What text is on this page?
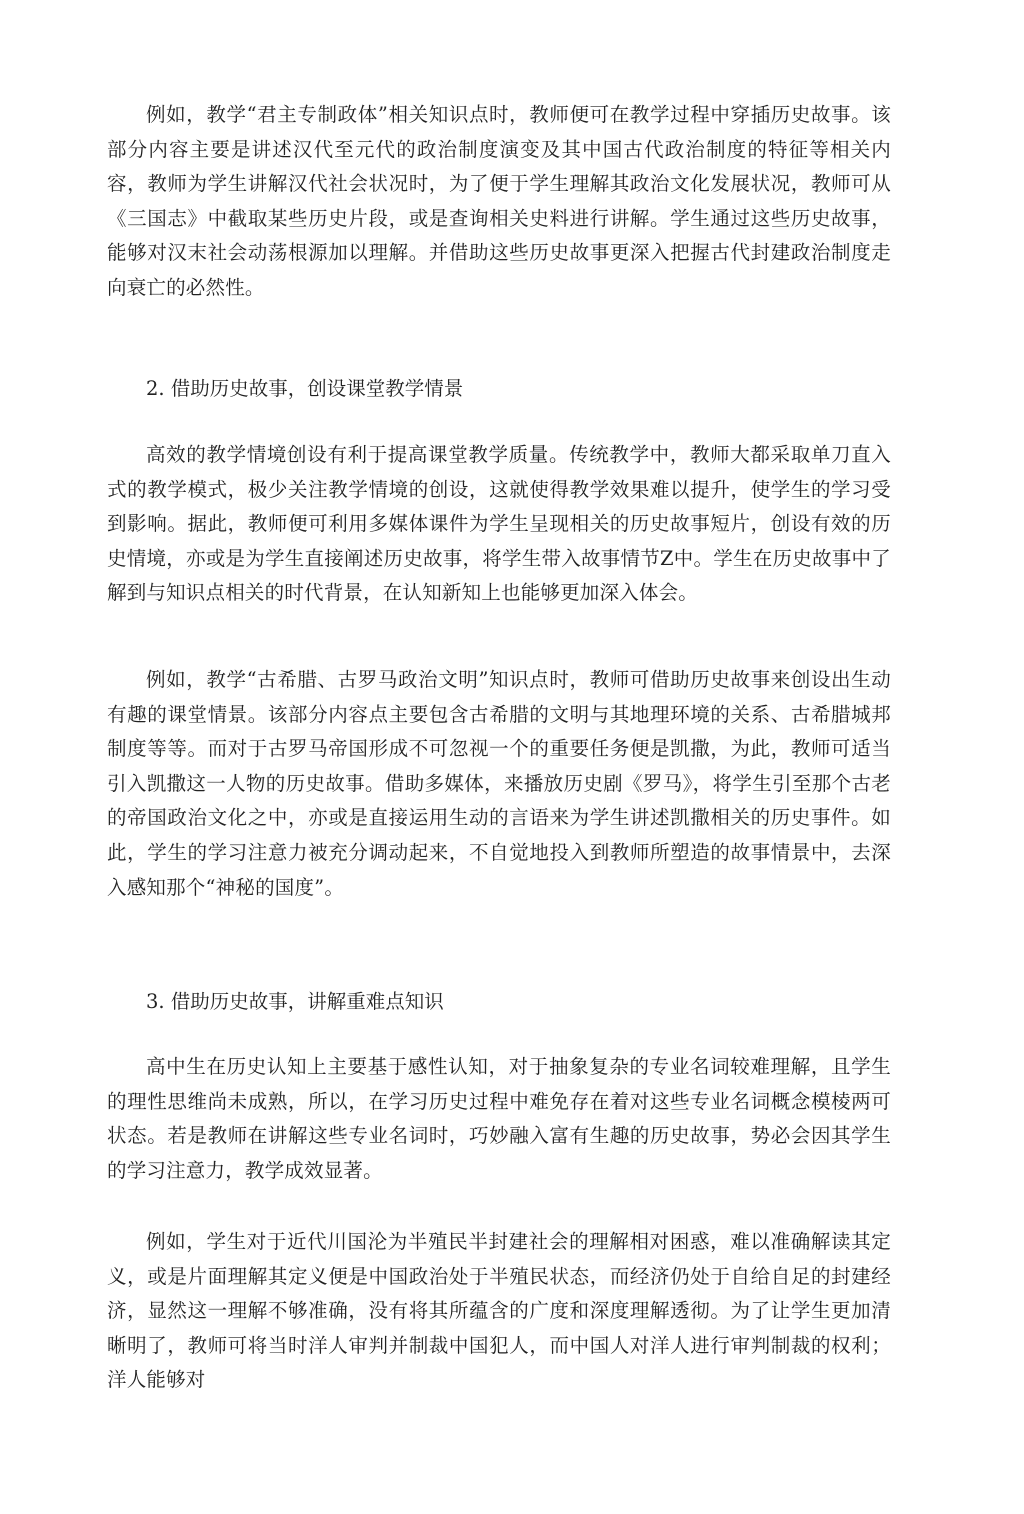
例如，教学“君主专制政体”相关知识点时，教师便可在教学过程中穿插历史故事。该部分内容主要是讲述汉代至元代的政治制度演变及其中国古代政治制度的特征等相关内容，教师为学生讲解汉代社会状况时，为了便于学生理解其政治文化发展状况，教师可从《三国志》中截取某些历史片段，或是查询相关史料进行讲解。学生通过这些历史故事，能够对汉末社会动荡根源加以理解。并借助这些历史故事更深入把握古代封建政治制度走向衰亡的必然性。

2. 借助历史故事，创设课堂教学情景

高效的教学情境创设有利于提高课堂教学质量。传统教学中，教师大都采取单刀直入式的教学模式，极少关注教学情境的创设，这就使得教学效果难以提升，使学生的学习受到影响。据此，教师便可利用多媒体课件为学生呈现相关的历史故事短片，创设有效的历史情境，亦或是为学生直接阐述历史故事，将学生带入故事情节Z中。学生在历史故事中了解到与知识点相关的时代背景，在认知新知上也能够更加深入体会。

例如，教学“古希腊、古罗马政治文明”知识点时，教师可借助历史故事来创设出生动有趣的课堂情景。该部分内容点主要包含古希腊的文明与其地理环境的关系、古希腊城邦制度等等。而对于古罗马帝国形成不可忽视一个的重要任务便是凯撒，为此，教师可适当引入凯撒这一人物的历史故事。借助多媒体，来播放历史剧《罗马》，将学生引至那个古老的帝国政治文化之中，亦或是直接运用生动的言语来为学生讲述凯撒相关的历史事件。如此，学生的学习注意力被充分调动起来，不自觉地投入到教师所塑造的故事情景中，去深入感知那个“神秘的国度”。

3. 借助历史故事，讲解重难点知识

高中生在历史认知上主要基于感性认知，对于抽象复杂的专业名词较难理解，且学生的理性思维尚未成熟，所以，在学习历史过程中难免存在着对这些专业名词概念模棱两可状态。若是教师在讲解这些专业名词时，巧妙融入富有生趣的历史故事，势必会因其学生的学习注意力，教学成效显著。

例如，学生对于近代川国沦为半殖民半封建社会的理解相对困惑，难以准确解读其定义，或是片面理解其定义便是中国政治处于半殖民状态，而经济仍处于自给自足的封建经济，显然这一理解不够准确，没有将其所蕴含的广度和深度理解透彻。为了让学生更加清晰明了，教师可将当时洋人审判并制裁中国犯人，而中国人对洋人进行审判制裁的权利；洋人能够对
